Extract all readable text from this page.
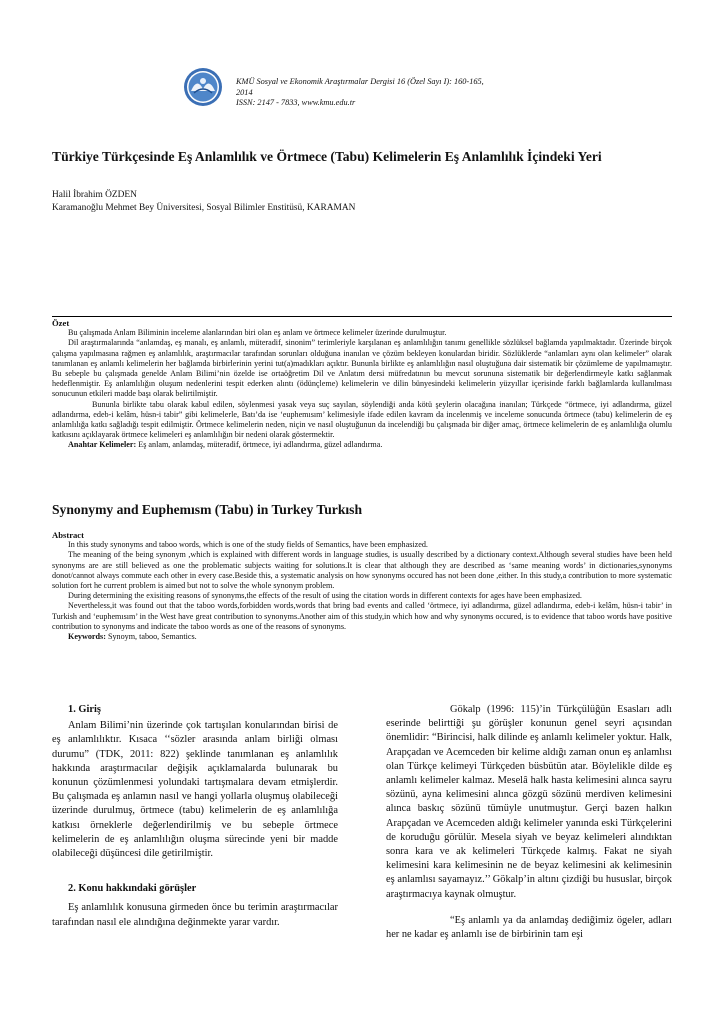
KMÜ Sosyal ve Ekonomik Araştırmalar Dergisi 16 (Özel Sayı I): 160-165,
2014
ISSN: 2147 - 7833, www.kmu.edu.tr
Türkiye Türkçesinde Eş Anlamlılık ve Örtmece (Tabu) Kelimelerin Eş Anlamlılık İçindeki Yeri
Halil İbrahim ÖZDEN
Karamanoğlu Mehmet Bey Üniversitesi, Sosyal Bilimler Enstitüsü, KARAMAN

Özet

Bu çalışmada Anlam Biliminin inceleme alanlarından biri olan eş anlam ve örtmece kelimeler üzerinde durulmuştur.

Dil araştırmalarında “anlamdaş, eş manalı, eş anlamlı, müteradif, sinonim” terimleriyle karşılanan eş anlamlılığın tanımı genellikle sözlüksel bağlamda yapılmaktadır. Üzerinde birçok çalışma yapılmasına rağmen eş anlamlılık, araştırmacılar tarafından sorunları olduğuna inanılan ve çözüm bekleyen konulardan biridir. Sözlüklerde “anlamları aynı olan kelimeler” olarak tanımlanan eş anlamlı kelimelerin her bağlamda birbirlerinin yerini tut(a)madıkları açıktır. Bununla birlikte eş anlamlılığın nasıl oluştuğuna dair sistematik bir çözümleme de yapılmamıştır. Bu sebeple bu çalışmada genelde Anlam Bilimi’nin özelde ise ortaöğretim Dil ve Anlatım dersi müfredatının bu mevcut sorununa sistematik bir değerlendirmeyle katkı sağlanmak hedeflenmiştir. Eş anlamlılığın oluşum nedenlerini tespit ederken alıntı (ödünçleme) kelimelerin ve dilin bünyesindeki kelimelerin yüzyıllar içerisinde farklı bağlamlarda kullanılması sonucunun etkileri madde başı olarak belirtilmiştir.

Bununla birlikte tabu olarak kabul edilen, söylenmesi yasak veya suç sayılan, söylendiği anda kötü şeylerin olacağına inanılan; Türkçede “örtmece, iyi adlandırma, güzel adlandırma, edeb-i kelâm, hüsn-i tabir” gibi kelimelerle, Batı’da ise ‘euphemısım’ kelimesiyle ifade edilen kavram da incelenmiş ve inceleme sonucunda örtmece (tabu) kelimelerin de eş anlamlılığa katkı sağladığı tespit edilmiştir. Örtmece kelimelerin neden, niçin ve nasıl oluştuğunun da incelendiği bu çalışmada bir diğer amaç, örtmece kelimelerin de eş anlamlılığa olumlu katkısını açıklayarak örtmece kelimeleri eş anlamlılığın bir nedeni olarak göstermektir.

Anahtar Kelimeler: Eş anlam, anlamdaş, müteradif, örtmece, iyi adlandırma, güzel adlandırma.

Synonymy and Euphemısm (Tabu) in Turkey Turkısh

Abstract

In this study synonyms and taboo words, which is one of the study fields of Semantics, have been emphasized.

The meaning of the being synonym ,which is explained with different words in language studies, is usually described by a dictionary context.Although several studies have been held synonyms are are still believed as one the problematic subjects waiting for solutions.It is clear that although they are described as ‘same meaning words’ in dictionaries,synonyms donot/cannot always commute each other in every case.Beside this, a systematic analysis on how synonyms occured has not been done ,either. In this study,a contribution to more systematic solution fort he current problem is aimed but not to solve the whole synonym problem.

During determining the exisiting reasons of synonyms,the effects of the result of using the citation words in different contexts for ages have been emphasized.

Nevertheless,it was found out that the taboo words,forbidden words,words that bring bad events and called ‘örtmece, iyi adlandırma, güzel adlandırma, edeb-i kelâm, hüsn-i tabir’ in Turkish and ‘euphemısım’ in the West have great contribution to synonyms.Another aim of this study,in which how and why synonyms occured, is to evidence that taboo words have positive contribution to synonyms and indicate the taboo words as one of the reasons of synonyms.

Keywords: Synoym, taboo, Semantics.

1. Giriş

Anlam Bilimi’nin üzerinde çok tartışılan konularından birisi de eş anlamlılıktır. Kısaca ‘‘sözler arasında anlam birliği olması durumu” (TDK, 2011: 822) şeklinde tanımlanan eş anlamlılık hakkında araştırmacılar değişik açıklamalarda bulunarak bu konunun çözümlenmesi yolundaki tartışmalara devam etmişlerdir. Bu çalışmada eş anlamın nasıl ve hangi yollarla oluşmuş olabileceği üzerinde durulmuş, örtmece (tabu) kelimelerin de eş anlamlılığa katkısı örneklerle değerlendirilmiş ve bu sebeple örtmece kelimelerin de eş anlamlılığın oluşma sürecinde yeni bir madde olabileceği düşüncesi dile getirilmiştir.

2. Konu hakkındaki görüşler

Eş anlamlılık konusuna girmeden önce bu terimin araştırmacılar tarafından nasıl ele alındığına değinmekte yarar vardır.

Gökalp (1996: 115)’in Türkçülüğün Esasları adlı eserinde belirttiği şu görüşler konunun genel seyri açısından önemlidir: “Birincisi, halk dilinde eş anlamlı kelimeler yoktur. Halk, Arapçadan ve Acemceden bir kelime aldığı zaman onun eş anlamlısı olan Türkçe kelimeyi Türkçeden büsbütün atar. Böylelikle dilde eş anlamlı kelimeler kalmaz. Meselâ halk hasta kelimesini alınca sayru sözünü, ayna kelimesini alınca gözgü sözünü merdiven kelimesini alınca baskıç sözünü tümüyle unutmuştur. Gerçi bazen halkın Arapçadan ve Acemceden aldığı kelimeler yanında eski Türkçelerini de koruduğu görülür. Mesela siyah ve beyaz kelimeleri alındıktan sonra kara ve ak kelimeleri Türkçede kalmış. Fakat ne siyah kelimesini kara kelimesinin ne de beyaz kelimesini ak kelimesinin eş anlamlısı sayamayız.’’ Gökalp’in altını çizdiği bu hususlar, birçok araştırmacıya kaynak olmuştur.

“Eş anlamlı ya da anlamdaş dediğimiz ögeler, adları her ne kadar eş anlamlı ise de birbirinin tam eşi
